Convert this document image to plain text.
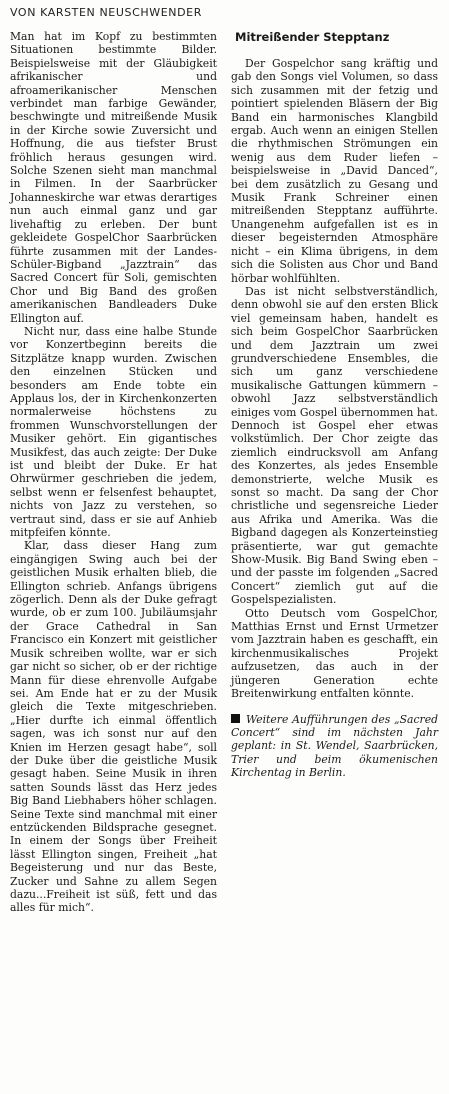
VON KARSTEN NEUSCHWENDER

Man hat im Kopf zu bestimmten Situationen bestimmte Bilder. Beispielsweise mit der Gläubigkeit afrikanischer und afroamerikanischer Menschen verbindet man farbige Gewänder, beschwingte und mitreißende Musik in der Kirche sowie Zuversicht und Hoffnung, die aus tiefster Brust fröhlich heraus gesungen wird. Solche Szenen sieht man manchmal in Filmen. In der Saarbrücker Johanneskirche war etwas derartiges nun auch einmal ganz und gar livehaftig zu erleben. Der bunt gekleidete GospelChor Saarbrücken führte zusammen mit der Landes-Schüler-Bigband „Jazztrain“ das Sacred Concert für Soli, gemischten Chor und Big Band des großen amerikanischen Bandleaders Duke Ellington auf.

Nicht nur, dass eine halbe Stunde vor Konzertbeginn bereits die Sitzplätze knapp wurden. Zwischen den einzelnen Stücken und besonders am Ende tobte ein Applaus los, der in Kirchenkonzerten normalerweise höchstens zu frommen Wunschvorstellungen der Musiker gehört. Ein gigantisches Musikfest, das auch zeigte: Der Duke ist und bleibt der Duke. Er hat Ohrwürmer geschrieben die jedem, selbst wenn er felsenfest behauptet, nichts von Jazz zu verstehen, so vertraut sind, dass er sie auf Anhieb mitpfeifen könnte.

Klar, dass dieser Hang zum eingängigen Swing auch bei der geistlichen Musik erhalten blieb, die Ellington schrieb. Anfangs übrigens zögerlich. Denn als der Duke gefragt wurde, ob er zum 100. Jubiläumsjahr der Grace Cathedral in San Francisco ein Konzert mit geistlicher Musik schreiben wollte, war er sich gar nicht so sicher, ob er der richtige Mann für diese ehrenvolle Aufgabe sei. Am Ende hat er zu der Musik gleich die Texte mitgeschrieben. „Hier durfte ich einmal öffentlich sagen, was ich sonst nur auf den Knien im Herzen gesagt habe“, soll der Duke über die geistliche Musik gesagt haben. Seine Musik in ihren satten Sounds lässt das Herz jedes Big Band Liebhabers höher schlagen. Seine Texte sind manchmal mit einer entzückenden Bildsprache gesegnet. In einem der Songs über Freiheit lässt Ellington singen, Freiheit „hat Begeisterung und nur das Beste, Zucker und Sahne zu allem Segen dazu...Freiheit ist süß, fett und das alles für mich“.

Mitreißender Stepptanz

Der Gospelchor sang kräftig und gab den Songs viel Volumen, so dass sich zusammen mit der fetzig und pointiert spielenden Bläsern der Big Band ein harmonisches Klangbild ergab. Auch wenn an einigen Stellen die rhythmischen Strömungen ein wenig aus dem Ruder liefen – beispielsweise in „David Danced“, bei dem zusätzlich zu Gesang und Musik Frank Schreiner einen mitreißenden Stepptanz aufführte. Unangenehm aufgefallen ist es in dieser begeisternden Atmosphäre nicht – ein Klima übrigens, in dem sich die Solisten aus Chor und Band hörbar wohlfühlten.

Das ist nicht selbstverständlich, denn obwohl sie auf den ersten Blick viel gemeinsam haben, handelt es sich beim GospelChor Saarbrücken und dem Jazztrain um zwei grundverschiedene Ensembles, die sich um ganz verschiedene musikalische Gattungen kümmern – obwohl Jazz selbstverständlich einiges vom Gospel übernommen hat. Dennoch ist Gospel eher etwas volkstümlich. Der Chor zeigte das ziemlich eindrucksvoll am Anfang des Konzertes, als jedes Ensemble demonstrierte, welche Musik es sonst so macht. Da sang der Chor christliche und segensreiche Lieder aus Afrika und Amerika. Was die Bigband dagegen als Konzerteinstieg präsentierte, war gut gemachte Show-Musik. Big Band Swing eben – und der passte im folgenden „Sacred Concert“ ziemlich gut auf die Gospelspezialisten.

Otto Deutsch vom GospelChor, Matthias Ernst und Ernst Urmetzer vom Jazztrain haben es geschafft, ein kirchenmusikalisches Projekt aufzusetzen, das auch in der jüngeren Generation echte Breitenwirkung entfalten könnte.

Weitere Aufführungen des „Sacred Concert“ sind im nächsten Jahr geplant: in St. Wendel, Saarbrücken, Trier und beim ökumenischen Kirchentag in Berlin.
